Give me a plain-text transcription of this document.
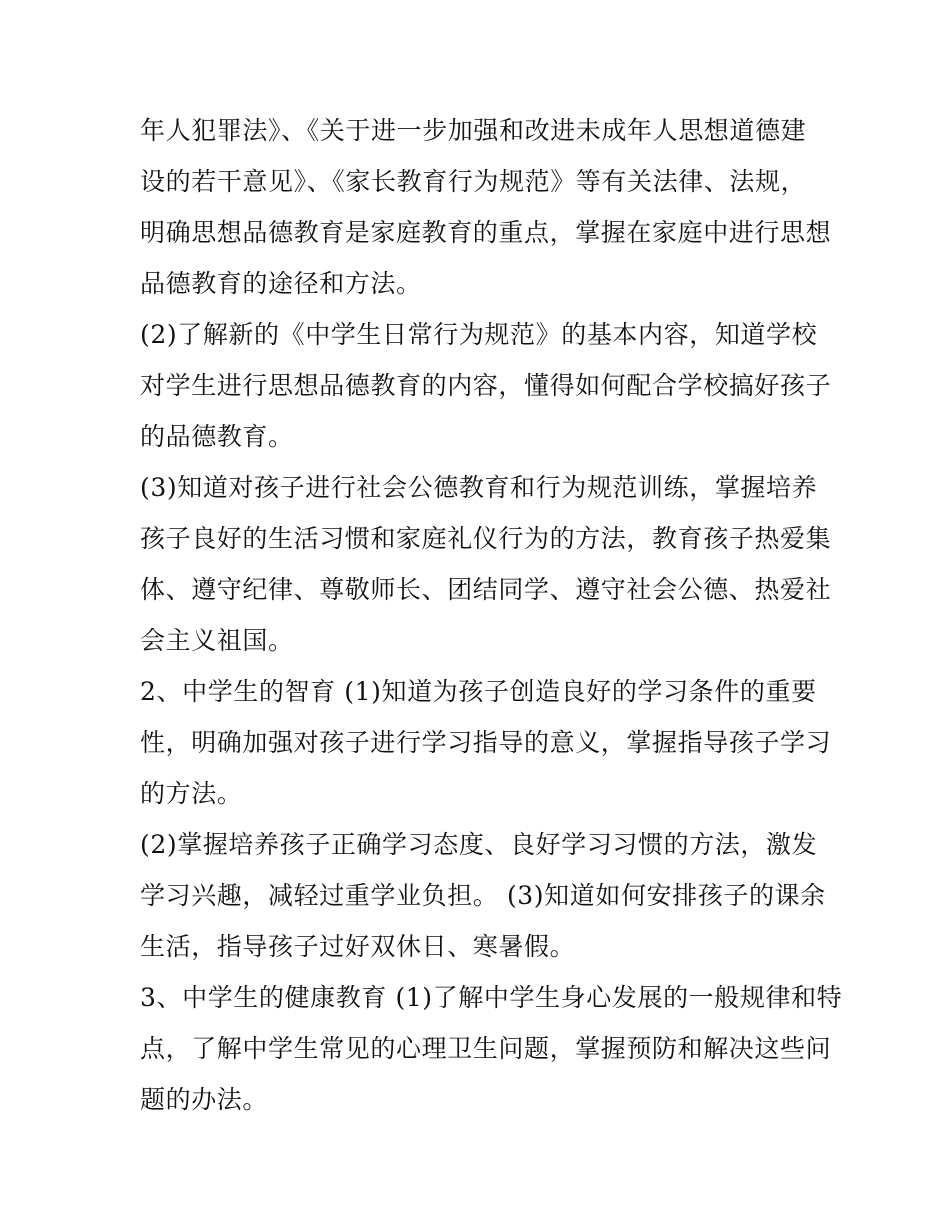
年人犯罪法》、《关于进一步加强和改进未成年人思想道德建
设的若干意见》、《家长教育行为规范》等有关法律、法规，
明确思想品德教育是家庭教育的重点，掌握在家庭中进行思想
品德教育的途径和方法。
(2)了解新的《中学生日常行为规范》的基本内容，知道学校
对学生进行思想品德教育的内容，懂得如何配合学校搞好孩子
的品德教育。
(3)知道对孩子进行社会公德教育和行为规范训练，掌握培养
孩子良好的生活习惯和家庭礼仪行为的方法，教育孩子热爱集
体、遵守纪律、尊敬师长、团结同学、遵守社会公德、热爱社
会主义祖国。
2、中学生的智育 (1)知道为孩子创造良好的学习条件的重要
性，明确加强对孩子进行学习指导的意义，掌握指导孩子学习
的方法。
(2)掌握培养孩子正确学习态度、良好学习习惯的方法，激发
学习兴趣，减轻过重学业负担。 (3)知道如何安排孩子的课余
生活，指导孩子过好双休日、寒暑假。
3、中学生的健康教育 (1)了解中学生身心发展的一般规律和特
点，了解中学生常见的心理卫生问题，掌握预防和解决这些问
题的办法。
